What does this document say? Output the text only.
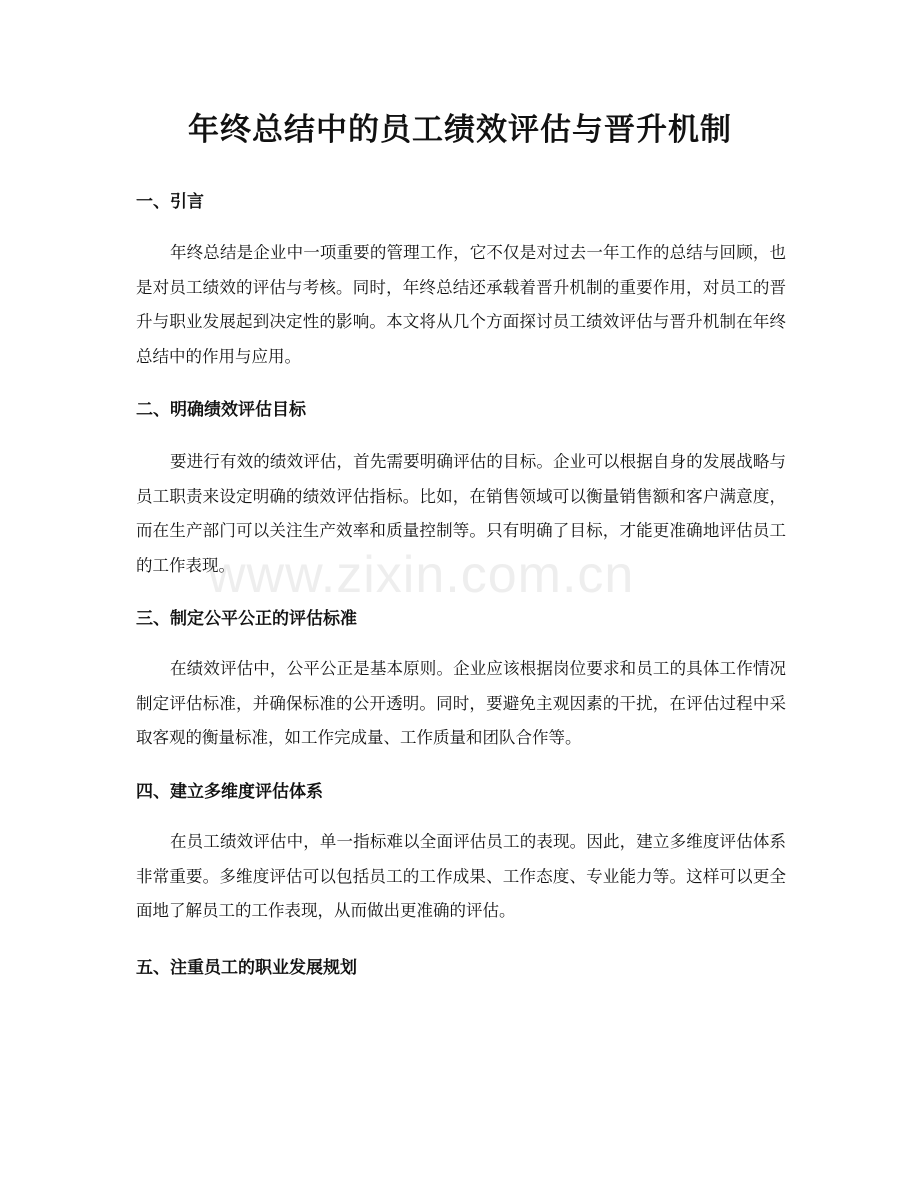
年终总结中的员工绩效评估与晋升机制
一、引言

年终总结是企业中一项重要的管理工作，它不仅是对过去一年工作的总结与回顾，也是对员工绩效的评估与考核。同时，年终总结还承载着晋升机制的重要作用，对员工的晋升与职业发展起到决定性的影响。本文将从几个方面探讨员工绩效评估与晋升机制在年终总结中的作用与应用。

二、明确绩效评估目标

要进行有效的绩效评估，首先需要明确评估的目标。企业可以根据自身的发展战略与员工职责来设定明确的绩效评估指标。比如，在销售领域可以衡量销售额和客户满意度，而在生产部门可以关注生产效率和质量控制等。只有明确了目标，才能更准确地评估员工的工作表现。

三、制定公平公正的评估标准

在绩效评估中，公平公正是基本原则。企业应该根据岗位要求和员工的具体工作情况制定评估标准，并确保标准的公开透明。同时，要避免主观因素的干扰，在评估过程中采取客观的衡量标准，如工作完成量、工作质量和团队合作等。

四、建立多维度评估体系

在员工绩效评估中，单一指标难以全面评估员工的表现。因此，建立多维度评估体系非常重要。多维度评估可以包括员工的工作成果、工作态度、专业能力等。这样可以更全面地了解员工的工作表现，从而做出更准确的评估。

五、注重员工的职业发展规划
www.zixin.com.cn
